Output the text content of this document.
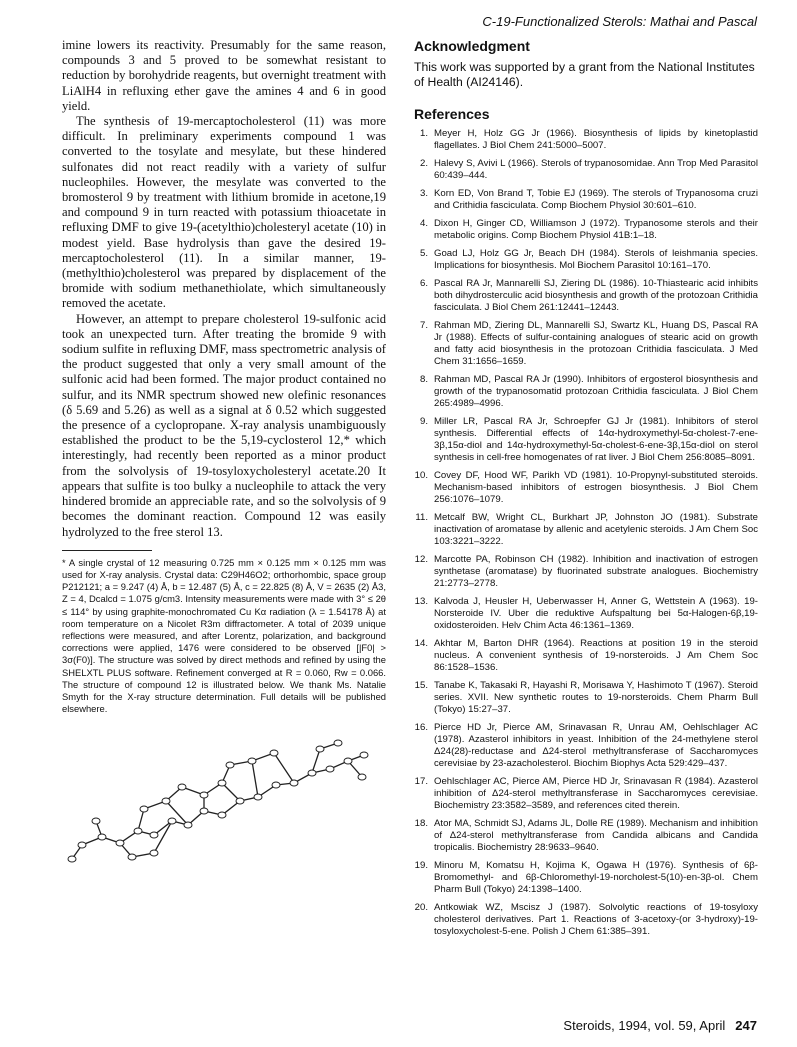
C-19-Functionalized Sterols: Mathai and Pascal

imine lowers its reactivity. Presumably for the same reason, compounds 3 and 5 proved to be somewhat resistant to reduction by borohydride reagents, but overnight treatment with LiAlH4 in refluxing ether gave the amines 4 and 6 in good yield.

The synthesis of 19-mercaptocholesterol (11) was more difficult. In preliminary experiments compound 1 was converted to the tosylate and mesylate, but these hindered sulfonates did not react readily with a variety of sulfur nucleophiles. However, the mesylate was converted to the bromosterol 9 by treatment with lithium bromide in acetone,19 and compound 9 in turn reacted with potassium thioacetate in refluxing DMF to give 19-(acetylthio)cholesteryl acetate (10) in modest yield. Base hydrolysis than gave the desired 19-mercaptocholesterol (11). In a similar manner, 19-(methylthio)cholesterol was prepared by displacement of the bromide with sodium methanethiolate, which simultaneously removed the acetate.

However, an attempt to prepare cholesterol 19-sulfonic acid took an unexpected turn. After treating the bromide 9 with sodium sulfite in refluxing DMF, mass spectrometric analysis of the product suggested that only a very small amount of the sulfonic acid had been formed. The major product contained no sulfur, and its NMR spectrum showed new olefinic resonances (δ 5.69 and 5.26) as well as a signal at δ 0.52 which suggested the presence of a cyclopropane. X-ray analysis unambiguously established the product to be the 5,19-cyclosterol 12,* which interestingly, had recently been reported as a minor product from the solvolysis of 19-tosyloxycholesteryl acetate.20 It appears that sulfite is too bulky a nucleophile to attack the very hindered bromide an appreciable rate, and so the solvolysis of 9 becomes the dominant reaction. Compound 12 was easily hydrolyzed to the free sterol 13.

* A single crystal of 12 measuring 0.725 mm × 0.125 mm × 0.125 mm was used for X-ray analysis. Crystal data: C29H46O2; orthorhombic, space group P212121; a = 9.247 (4) Å, b = 12.487 (5) Å, c = 22.825 (8) Å, V = 2635 (2) Å3, Z = 4, Dcalcd = 1.075 g/cm3. Intensity measurements were made with 3° ≤ 2θ ≤ 114° by using graphite-monochromated Cu Kα radiation (λ = 1.54178 Å) at room temperature on a Nicolet R3m diffractometer. A total of 2039 unique reflections were measured, and after Lorentz, polarization, and background corrections were applied, 1476 were considered to be observed [|F0| > 3σ(F0)]. The structure was solved by direct methods and refined by using the SHELXTL PLUS software. Refinement converged at R = 0.060, Rw = 0.066. The structure of compound 12 is illustrated below. We thank Ms. Natalie Smyth for the X-ray structure determination. Full details will be published elsewhere.

Acknowledgment

This work was supported by a grant from the National Institutes of Health (AI24146).

References
1. Meyer H, Holz GG Jr (1966). Biosynthesis of lipids by kinetoplastid flagellates. J Biol Chem 241:5000–5007.
2. Halevy S, Avivi L (1966). Sterols of trypanosomidae. Ann Trop Med Parasitol 60:439–444.
3. Korn ED, Von Brand T, Tobie EJ (1969). The sterols of Trypanosoma cruzi and Crithidia fasciculata. Comp Biochem Physiol 30:601–610.
4. Dixon H, Ginger CD, Williamson J (1972). Trypanosome sterols and their metabolic origins. Comp Biochem Physiol 41B:1–18.
5. Goad LJ, Holz GG Jr, Beach DH (1984). Sterols of leishmania species. Implications for biosynthesis. Mol Biochem Parasitol 10:161–170.
6. Pascal RA Jr, Mannarelli SJ, Ziering DL (1986). 10-Thiastearic acid inhibits both dihydrosterculic acid biosynthesis and growth of the protozoan Crithidia fasciculata. J Biol Chem 261:12441–12443.
7. Rahman MD, Ziering DL, Mannarelli SJ, Swartz KL, Huang DS, Pascal RA Jr (1988). Effects of sulfur-containing analogues of stearic acid on growth and fatty acid biosynthesis in the protozoan Crithidia fasciculata. J Med Chem 31:1656–1659.
8. Rahman MD, Pascal RA Jr (1990). Inhibitors of ergosterol biosynthesis and growth of the trypanosomatid protozoan Crithidia fasciculata. J Biol Chem 265:4989–4996.
9. Miller LR, Pascal RA Jr, Schroepfer GJ Jr (1981). Inhibitors of sterol synthesis. Differential effects of 14α-hydroxymethyl-5α-cholest-7-ene-3β,15α-diol and 14α-hydroxymethyl-5α-cholest-6-ene-3β,15α-diol on sterol synthesis in cell-free homogenates of rat liver. J Biol Chem 256:8085–8091.
10. Covey DF, Hood WF, Parikh VD (1981). 10-Propynyl-substituted steroids. Mechanism-based inhibitors of estrogen biosynthesis. J Biol Chem 256:1076–1079.
11. Metcalf BW, Wright CL, Burkhart JP, Johnston JO (1981). Substrate inactivation of aromatase by allenic and acetylenic steroids. J Am Chem Soc 103:3221–3222.
12. Marcotte PA, Robinson CH (1982). Inhibition and inactivation of estrogen synthetase (aromatase) by fluorinated substrate analogues. Biochemistry 21:2773–2778.
13. Kalvoda J, Heusler H, Ueberwasser H, Anner G, Wettstein A (1963). 19-Norsteroide IV. Uber die reduktive Aufspaltung bei 5α-Halogen-6β,19-oxidosteroiden. Helv Chim Acta 46:1361–1369.
14. Akhtar M, Barton DHR (1964). Reactions at position 19 in the steroid nucleus. A convenient synthesis of 19-norsteroids. J Am Chem Soc 86:1528–1536.
15. Tanabe K, Takasaki R, Hayashi R, Morisawa Y, Hashimoto T (1967). Steroid series. XVII. New synthetic routes to 19-norsteroids. Chem Pharm Bull (Tokyo) 15:27–37.
16. Pierce HD Jr, Pierce AM, Srinavasan R, Unrau AM, Oehlschlager AC (1978). Azasterol inhibitors in yeast. Inhibition of the 24-methylene sterol Δ24(28)-reductase and Δ24-sterol methyltransferase of Saccharomyces cerevisiae by 23-azacholesterol. Biochim Biophys Acta 529:429–437.
17. Oehlschlager AC, Pierce AM, Pierce HD Jr, Srinavasan R (1984). Azasterol inhibition of Δ24-sterol methyltransferase in Saccharomyces cerevisiae. Biochemistry 23:3582–3589, and references cited therein.
18. Ator MA, Schmidt SJ, Adams JL, Dolle RE (1989). Mechanism and inhibition of Δ24-sterol methyltransferase from Candida albicans and Candida tropicalis. Biochemistry 28:9633–9640.
19. Minoru M, Komatsu H, Kojima K, Ogawa H (1976). Synthesis of 6β-Bromomethyl- and 6β-Chloromethyl-19-norcholest-5(10)-en-3β-ol. Chem Pharm Bull (Tokyo) 24:1398–1400.
20. Antkowiak WZ, Mscisz J (1987). Solvolytic reactions of 19-tosyloxy cholesterol derivatives. Part 1. Reactions of 3-acetoxy-(or 3-hydroxy)-19-tosyloxycholest-5-ene. Polish J Chem 61:385–391.
Steroids, 1994, vol. 59, April 247
